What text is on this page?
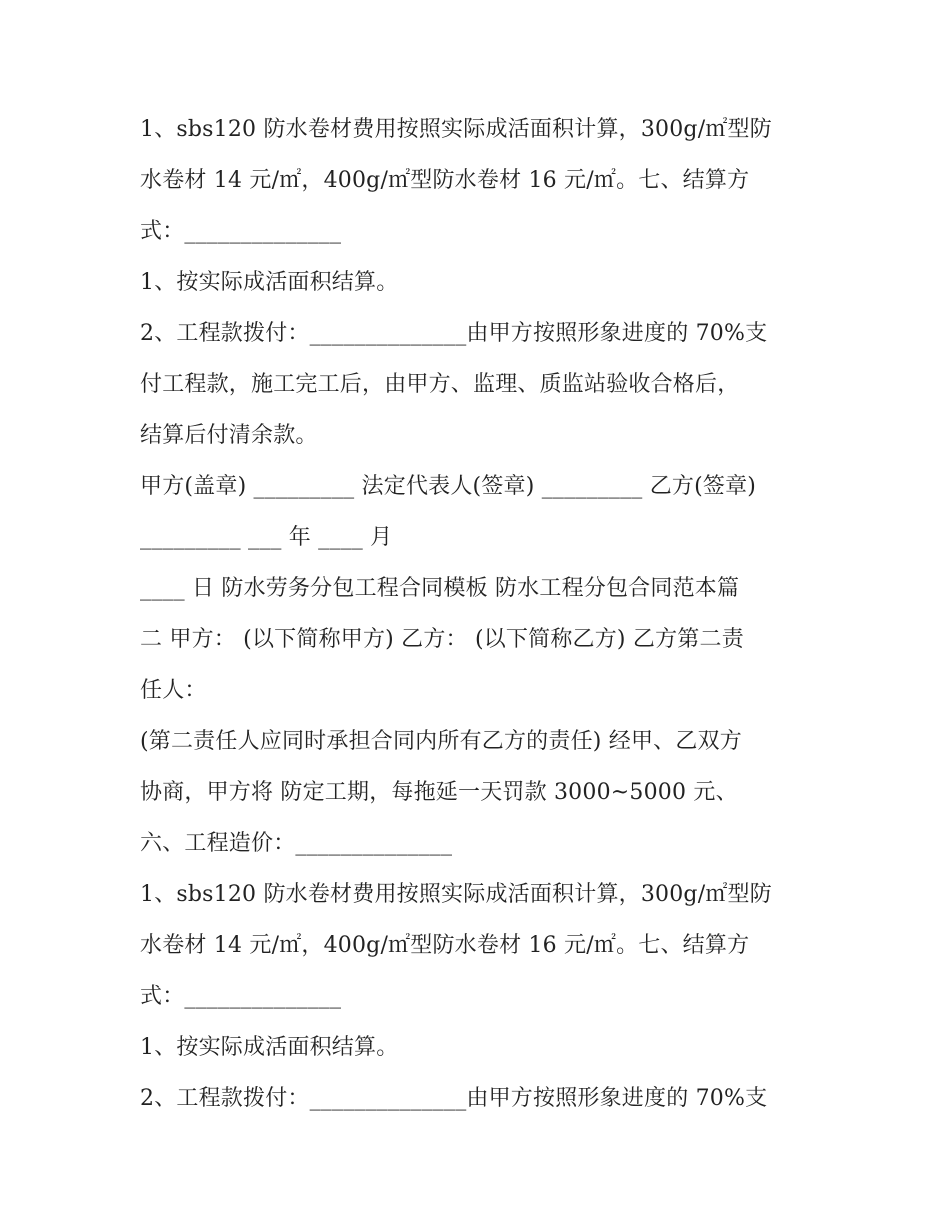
1、sbs120 防水卷材费用按照实际成活面积计算，300g/㎡型防
水卷材 14 元/㎡，400g/㎡型防水卷材 16 元/㎡。七、结算方
式：______________
1、按实际成活面积结算。
2、工程款拨付：______________由甲方按照形象进度的 70%支
付工程款，施工完工后，由甲方、监理、质监站验收合格后，
结算后付清余款。
甲方(盖章) _________ 法定代表人(签章) _________ 乙方(签章)
_________ ___ 年 ____ 月
____ 日 防水劳务分包工程合同模板 防水工程分包合同范本篇
二 甲方： (以下简称甲方) 乙方： (以下简称乙方) 乙方第二责
任人：
(第二责任人应同时承担合同内所有乙方的责任) 经甲、乙双方
协商，甲方将 防定工期，每拖延一天罚款 3000~5000 元、
六、工程造价：______________
1、sbs120 防水卷材费用按照实际成活面积计算，300g/㎡型防
水卷材 14 元/㎡，400g/㎡型防水卷材 16 元/㎡。七、结算方
式：______________
1、按实际成活面积结算。
2、工程款拨付：______________由甲方按照形象进度的 70%支
